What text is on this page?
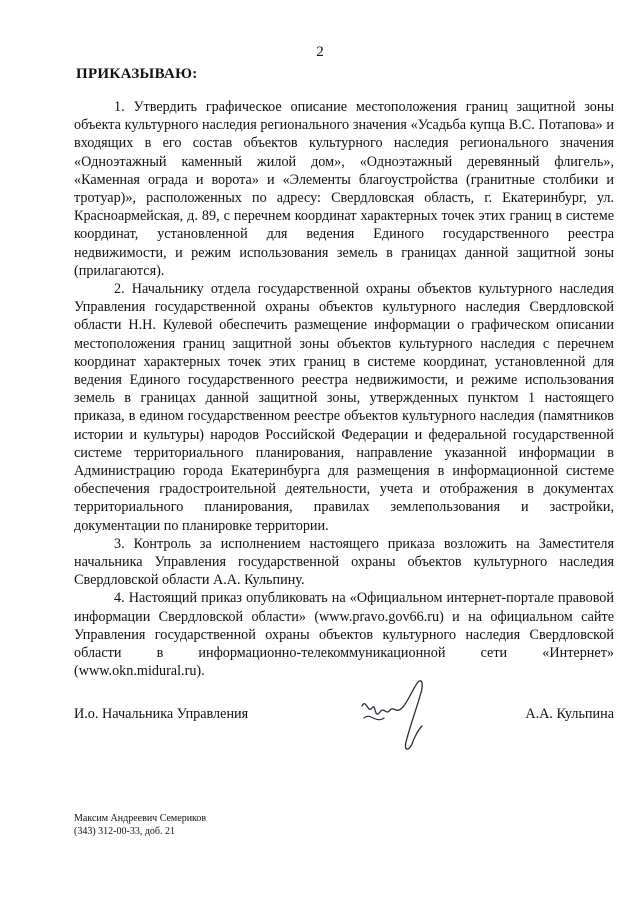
2
ПРИКАЗЫВАЮ:

1. Утвердить графическое описание местоположения границ защитной зоны объекта культурного наследия регионального значения «Усадьба купца В.С. Потапова» и входящих в его состав объектов культурного наследия регионального значения «Одноэтажный каменный жилой дом», «Одноэтажный деревянный флигель», «Каменная ограда и ворота» и «Элементы благоустройства (гранитные столбики и тротуар)», расположенных по адресу: Свердловская область, г. Екатеринбург, ул. Красноармейская, д. 89, с перечнем координат характерных точек этих границ в системе координат, установленной для ведения Единого государственного реестра недвижимости, и режим использования земель в границах данной защитной зоны (прилагаются).

2. Начальнику отдела государственной охраны объектов культурного наследия Управления государственной охраны объектов культурного наследия Свердловской области Н.Н. Кулевой обеспечить размещение информации о графическом описании местоположения границ защитной зоны объектов культурного наследия с перечнем координат характерных точек этих границ в системе координат, установленной для ведения Единого государственного реестра недвижимости, и режиме использования земель в границах данной защитной зоны, утвержденных пунктом 1 настоящего приказа, в едином государственном реестре объектов культурного наследия (памятников истории и культуры) народов Российской Федерации и федеральной государственной системе территориального планирования, направление указанной информации в Администрацию города Екатеринбурга для размещения в информационной системе обеспечения градостроительной деятельности, учета и отображения в документах территориального планирования, правилах землепользования и застройки, документации по планировке территории.

3. Контроль за исполнением настоящего приказа возложить на Заместителя начальника Управления государственной охраны объектов культурного наследия Свердловской области А.А. Кульпину.

4. Настоящий приказ опубликовать на «Официальном интернет-портале правовой информации Свердловской области» (www.pravo.gov66.ru) и на официальном сайте Управления государственной охраны объектов культурного наследия Свердловской области в информационно-телекоммуникационной сети «Интернет» (www.okn.midural.ru).

И.о. Начальника Управления	А.А. Кульпина
Максим Андреевич Семериков
(343) 312-00-33, доб. 21
